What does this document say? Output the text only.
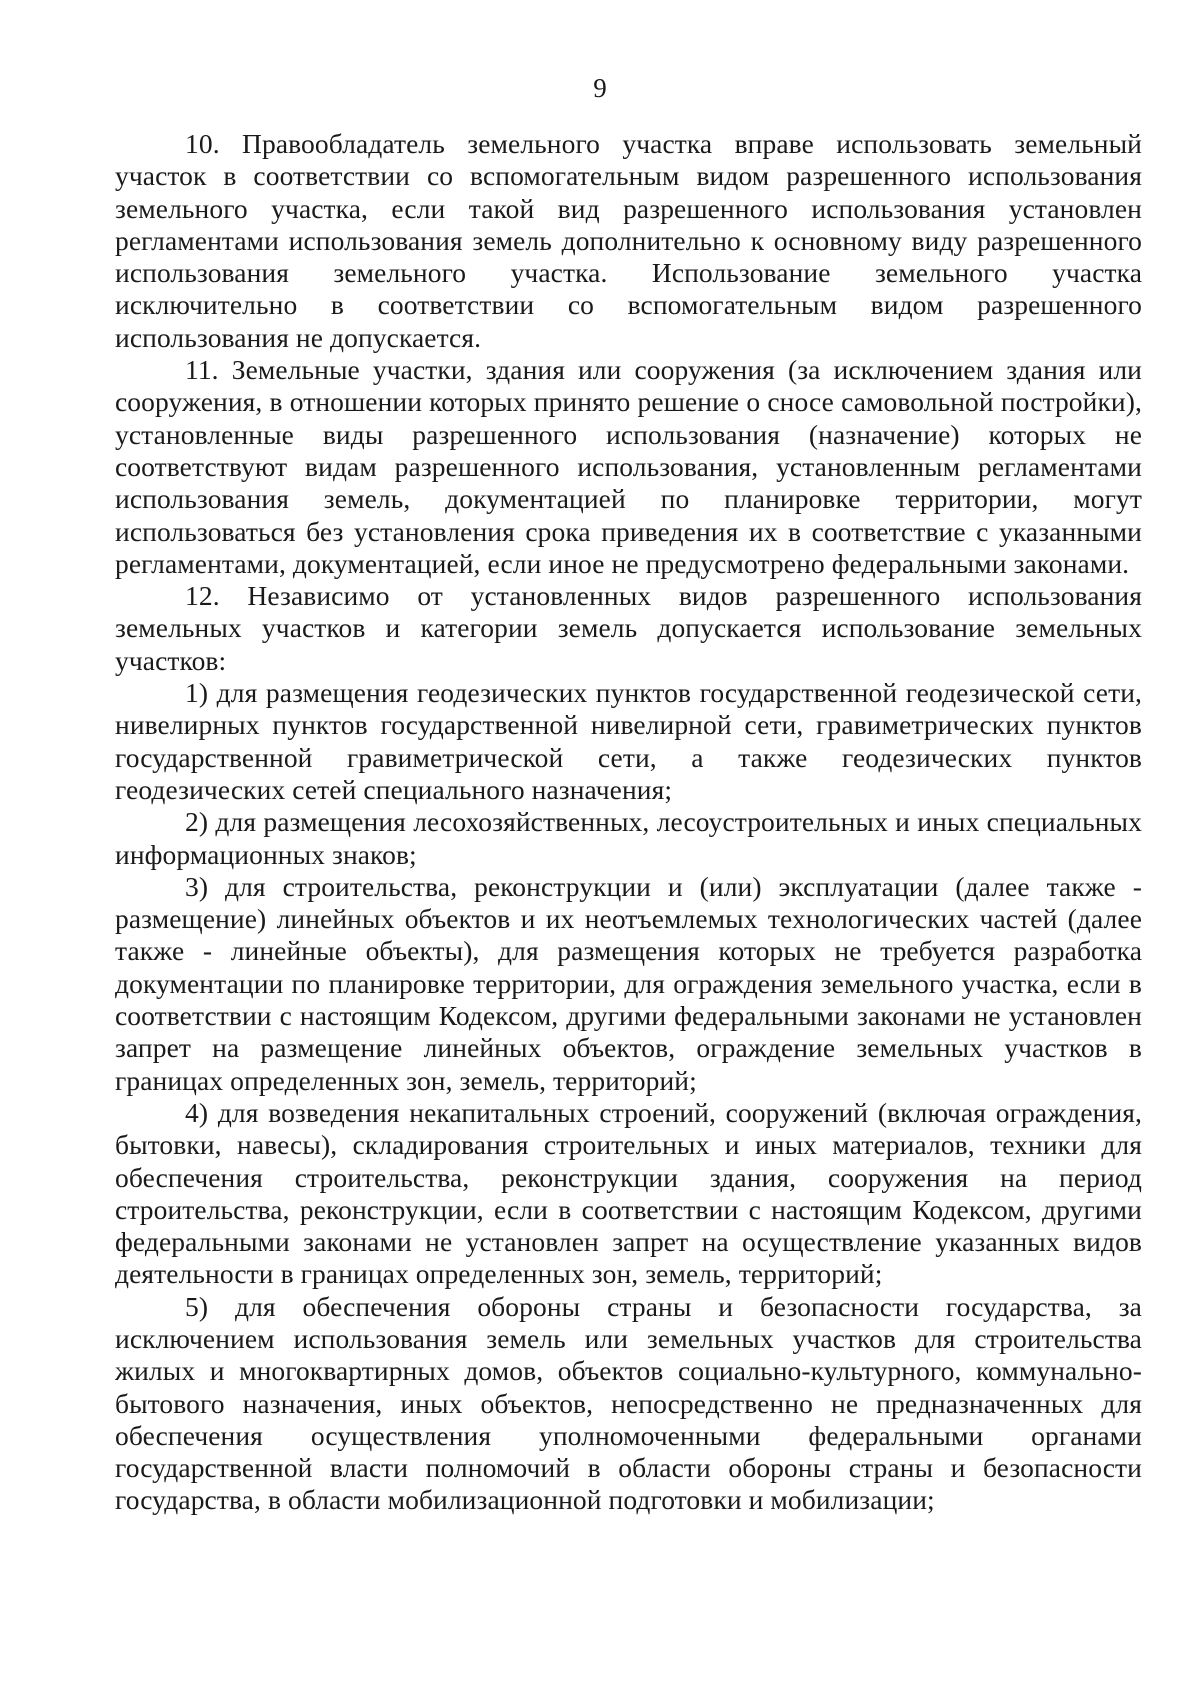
9

10. Правообладатель земельного участка вправе использовать земельный участок в соответствии со вспомогательным видом разрешенного использования земельного участка, если такой вид разрешенного использования установлен регламентами использования земель дополнительно к основному виду разрешенного использования земельного участка. Использование земельного участка исключительно в соответствии со вспомогательным видом разрешенного использования не допускается.

11. Земельные участки, здания или сооружения (за исключением здания или сооружения, в отношении которых принято решение о сносе самовольной постройки), установленные виды разрешенного использования (назначение) которых не соответствуют видам разрешенного использования, установленным регламентами использования земель, документацией по планировке территории, могут использоваться без установления срока приведения их в соответствие с указанными регламентами, документацией, если иное не предусмотрено федеральными законами.

12. Независимо от установленных видов разрешенного использования земельных участков и категории земель допускается использование земельных участков:

1) для размещения геодезических пунктов государственной геодезической сети, нивелирных пунктов государственной нивелирной сети, гравиметрических пунктов государственной гравиметрической сети, а также геодезических пунктов геодезических сетей специального назначения;

2) для размещения лесохозяйственных, лесоустроительных и иных специальных информационных знаков;

3) для строительства, реконструкции и (или) эксплуатации (далее также - размещение) линейных объектов и их неотъемлемых технологических частей (далее также - линейные объекты), для размещения которых не требуется разработка документации по планировке территории, для ограждения земельного участка, если в соответствии с настоящим Кодексом, другими федеральными законами не установлен запрет на размещение линейных объектов, ограждение земельных участков в границах определенных зон, земель, территорий;

4) для возведения некапитальных строений, сооружений (включая ограждения, бытовки, навесы), складирования строительных и иных материалов, техники для обеспечения строительства, реконструкции здания, сооружения на период строительства, реконструкции, если в соответствии с настоящим Кодексом, другими федеральными законами не установлен запрет на осуществление указанных видов деятельности в границах определенных зон, земель, территорий;

5) для обеспечения обороны страны и безопасности государства, за исключением использования земель или земельных участков для строительства жилых и многоквартирных домов, объектов социально-культурного, коммунально-бытового назначения, иных объектов, непосредственно не предназначенных для обеспечения осуществления уполномоченными федеральными органами государственной власти полномочий в области обороны страны и безопасности государства, в области мобилизационной подготовки и мобилизации;
